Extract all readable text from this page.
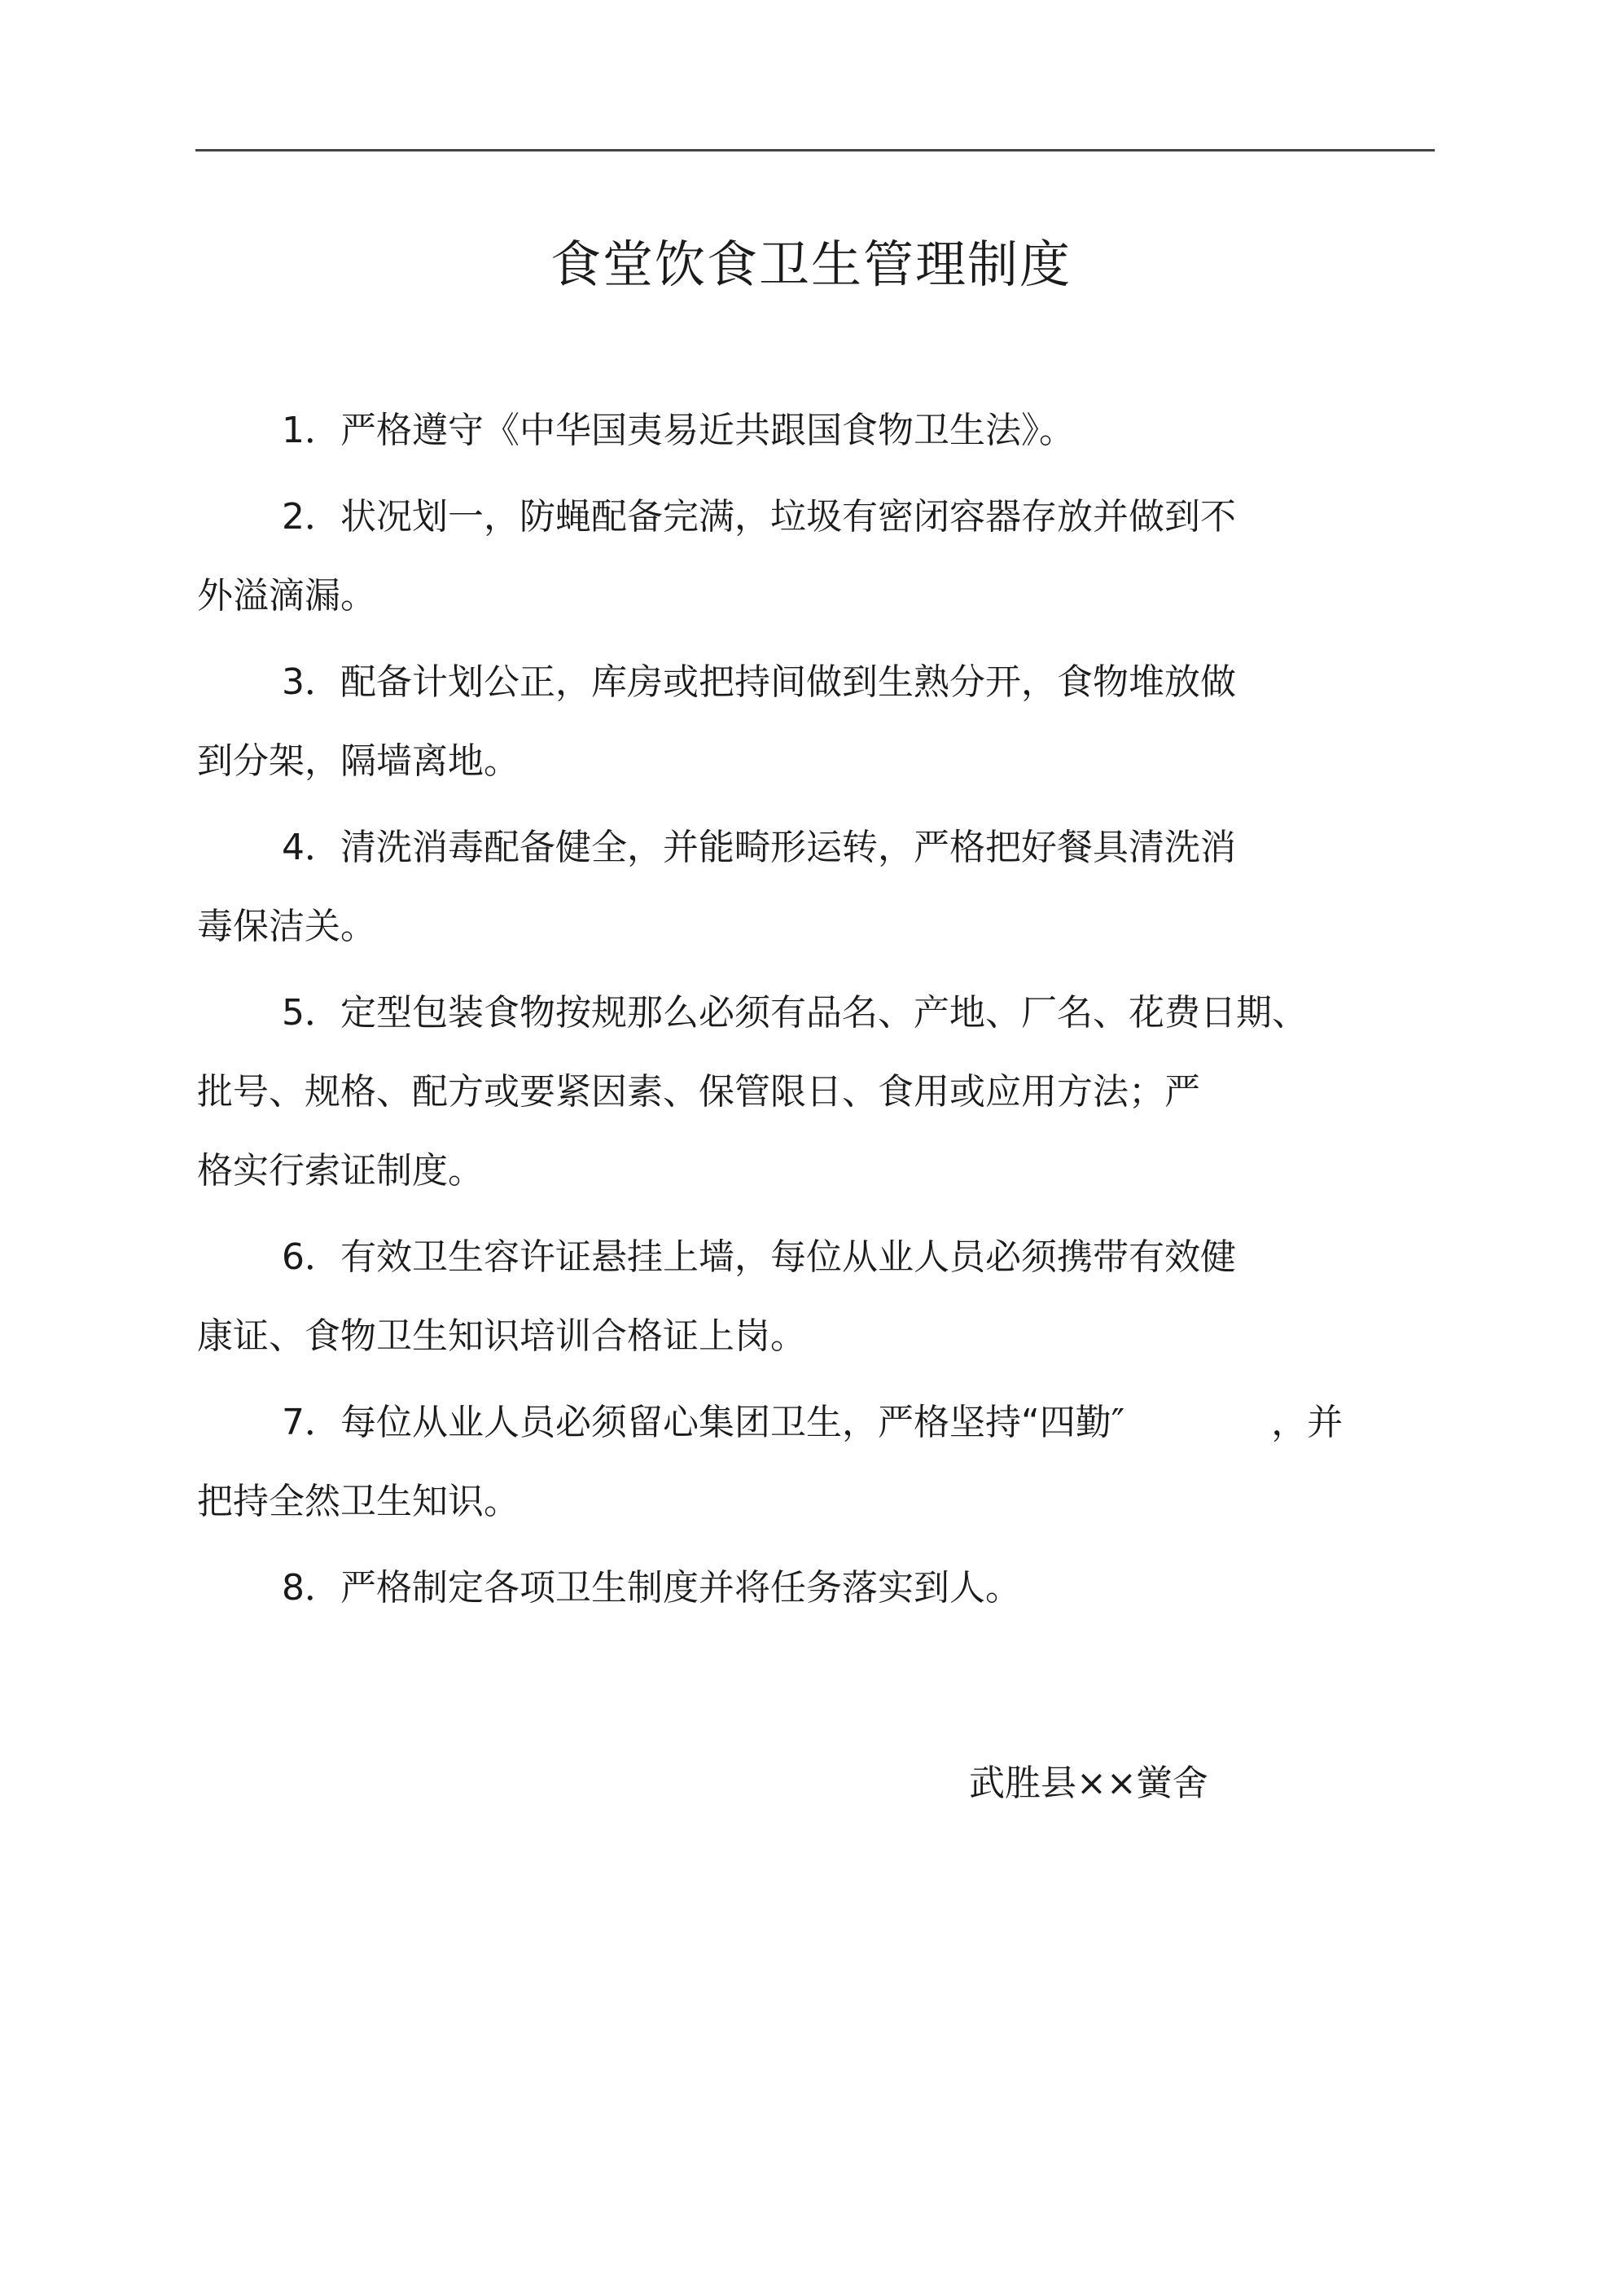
食堂饮食卫生管理制度
1．严格遵守《中华国夷易近共跟国食物卫生法》。
2．状况划一，防蝇配备完满，垃圾有密闭容器存放并做到不
外溢滴漏。
3．配备计划公正，库房或把持间做到生熟分开，食物堆放做
到分架，隔墙离地。
4．清洗消毒配备健全，并能畸形运转，严格把好餐具清洗消
毒保洁关。
5．定型包装食物按规那么必须有品名、产地、厂名、花费日期、
批号、规格、配方或要紧因素、保管限日、食用或应用方法；严
格实行索证制度。
6．有效卫生容许证悬挂上墙，每位从业人员必须携带有效健
康证、食物卫生知识培训合格证上岗。
7．每位从业人员必须留心集团卫生，严格坚持“四勤″	，并
把持全然卫生知识。
8．严格制定各项卫生制度并将任务落实到人。
武胜县××黉舍
